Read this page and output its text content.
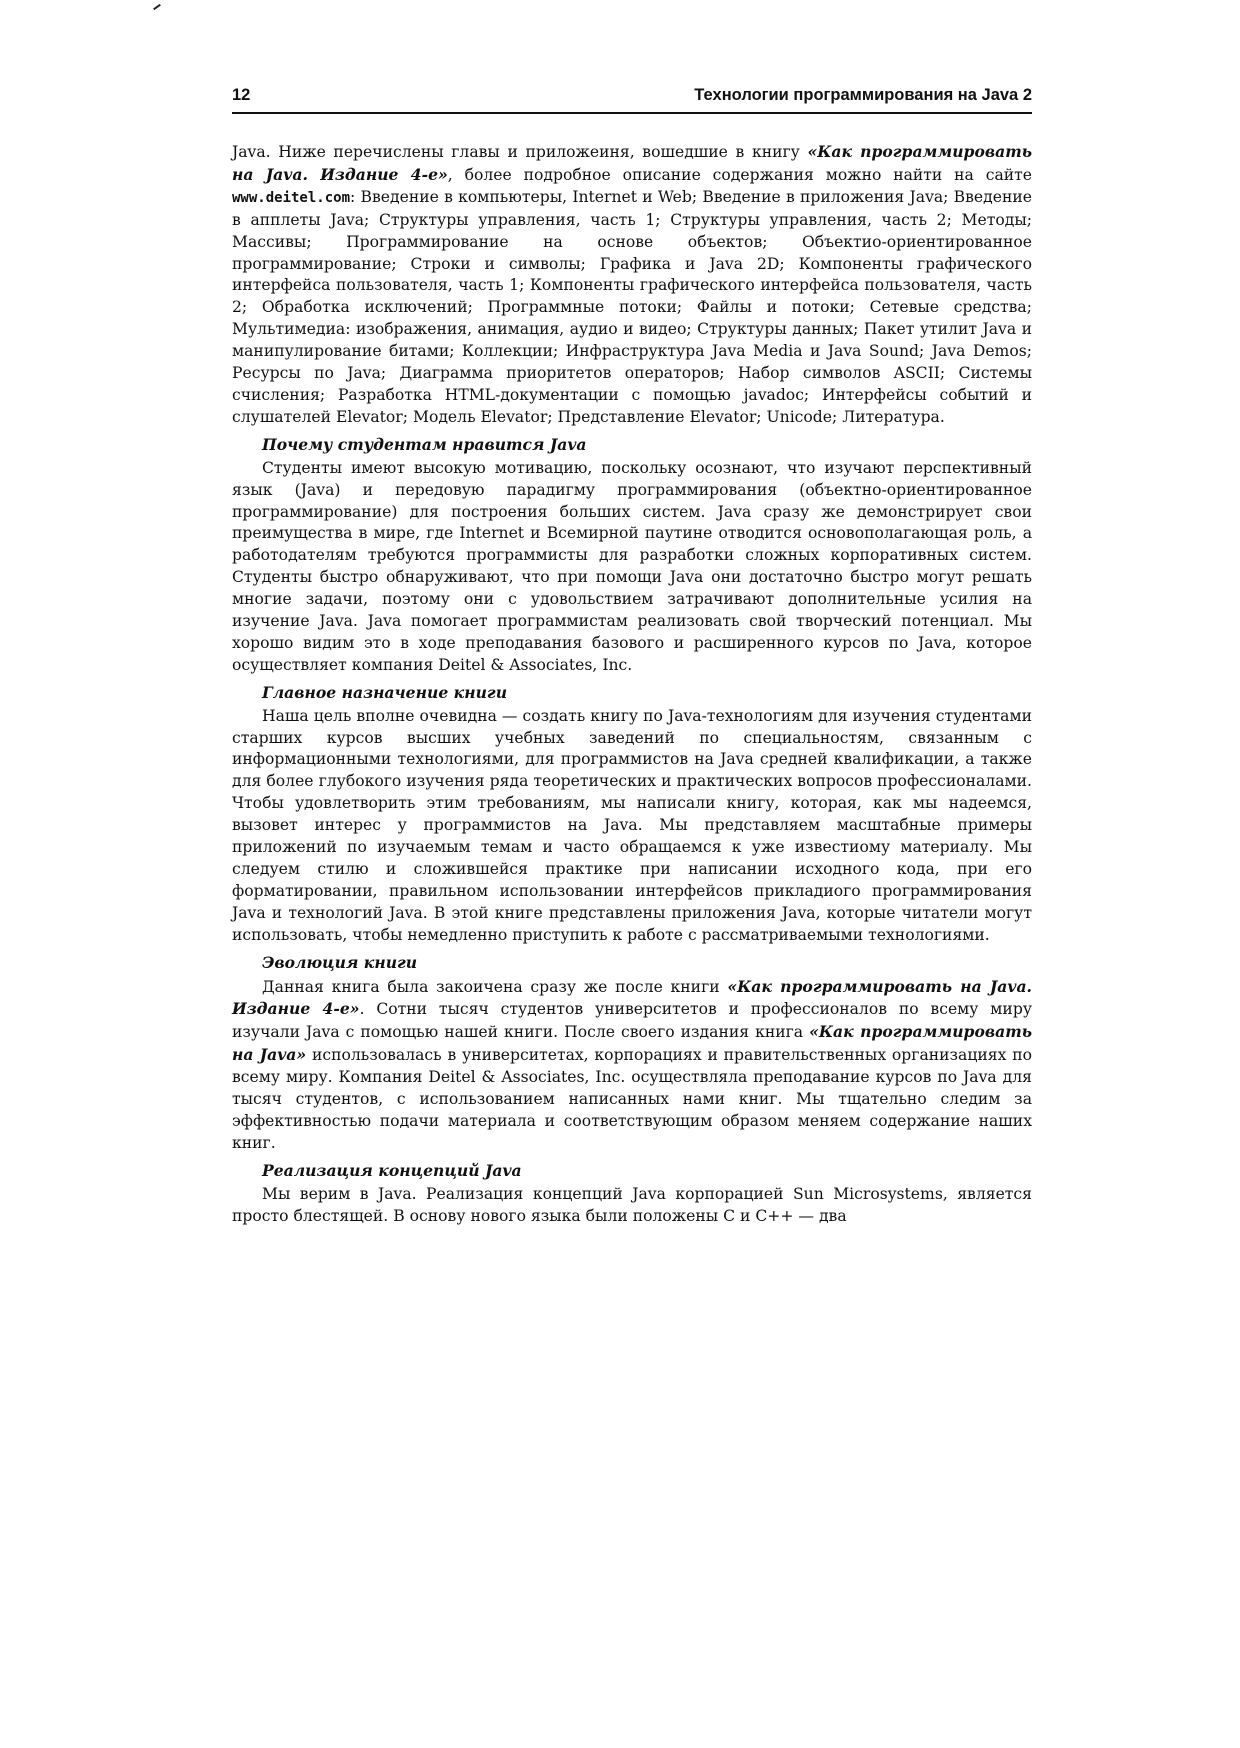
12	Технологии программирования на Java 2

Java. Ниже перечислены главы и приложеиня, вошедшие в книгу «Как программировать на Java. Издание 4-е», более подробное описание содержания можно найти на сайте www.deitel.com: Введение в компьютеры, Internet и Web; Введение в приложения Java; Введение в апплеты Java; Структуры управления, часть 1; Структуры управления, часть 2; Методы; Массивы; Программирование на основе объектов; Объектио-ориентированное программирование; Строки и символы; Графика и Java 2D; Компоненты графического интерфейса пользователя, часть 1; Компоненты графического интерфейса пользователя, часть 2; Обработка исключений; Программные потоки; Файлы и потоки; Сетевые средства; Мультимедиа: изображения, анимация, аудио и видео; Структуры данных; Пакет утилит Java и манипулирование битами; Коллекции; Инфраструктура Java Media и Java Sound; Java Demos; Ресурсы по Java; Диаграмма приоритетов операторов; Набор символов ASCII; Системы счисления; Разработка HTML-документации с помощью javadoc; Интерфейсы событий и слушателей Elevator; Модель Elevator; Представление Elevator; Unicode; Литература.

Почему студентам нравится Java

Студенты имеют высокую мотивацию, поскольку осознают, что изучают перспективный язык (Java) и передовую парадигму программирования (объектно-ориентированное программирование) для построения больших систем. Java сразу же демонстрирует свои преимущества в мире, где Internet и Всемирной паутине отводится основополагающая роль, а работодателям требуются программисты для разработки сложных корпоративных систем. Студенты быстро обнаруживают, что при помощи Java они достаточно быстро могут решать многие задачи, поэтому они с удовольствием затрачивают дополнительные усилия на изучение Java. Java помогает программистам реализовать свой творческий потенциал. Мы хорошо видим это в ходе преподавания базового и расширенного курсов по Java, которое осуществляет компания Deitel & Associates, Inc.

Главное назначение книги

Наша цель вполне очевидна — создать книгу по Java-технологиям для изучения студентами старших курсов высших учебных заведений по специальностям, связанным с информационными технологиями, для программистов на Java средней квалификации, а также для более глубокого изучения ряда теоретических и практических вопросов профессионалами. Чтобы удовлетворить этим требованиям, мы написали книгу, которая, как мы надеемся, вызовет интерес у программистов на Java. Мы представляем масштабные примеры приложений по изучаемым темам и часто обращаемся к уже известиому материалу. Мы следуем стилю и сложившейся практике при написании исходного кода, при его форматировании, правильном использовании интерфейсов прикладиого программирования Java и технологий Java. В этой книге представлены приложения Java, которые читатели могут использовать, чтобы немедленно приступить к работе с рассматриваемыми технологиями.

Эволюция книги

Данная книга была закоичена сразу же после книги «Как программировать на Java. Издание 4-е». Сотни тысяч студентов университетов и профессионалов по всему миру изучали Java с помощью нашей книги. После своего издания книга «Как программировать на Java» использовалась в университетах, корпорациях и правительственных организациях по всему миру. Компания Deitel & Associates, Inc. осуществляла преподавание курсов по Java для тысяч студентов, с использованием написанных нами книг. Мы тщательно следим за эффективностью подачи материала и соответствующим образом меняем содержание наших книг.

Реализация концепций Java

Мы верим в Java. Реализация концепций Java корпорацией Sun Microsystems, является просто блестящей. В основу нового языка были положены C и C++ — два
